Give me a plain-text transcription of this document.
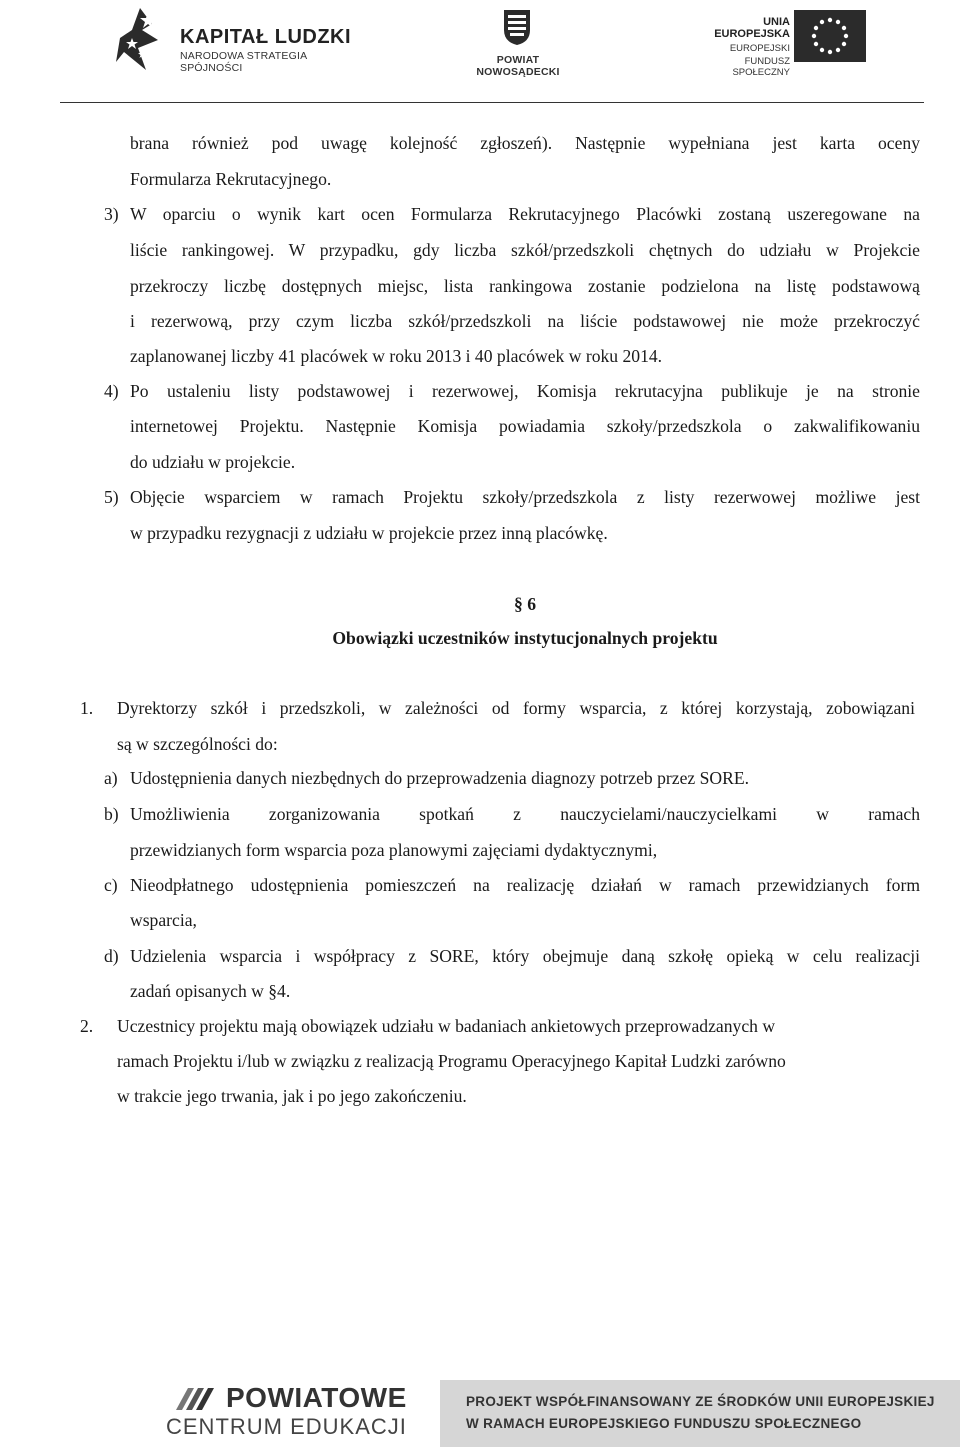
KAPITAŁ LUDZKI
NARODOWA STRATEGIA SPÓJNOŚCI
POWIAT NOWOSĄDECKI
UNIA EUROPEJSKA
EUROPEJSKI
FUNDUSZ SPOŁECZNY
brana również pod uwagę kolejność zgłoszeń). Następnie wypełniana jest karta oceny
Formularza Rekrutacyjnego.
3) W oparciu o wynik kart ocen Formularza Rekrutacyjnego Placówki zostaną uszeregowane na
liście rankingowej. W przypadku, gdy liczba szkół/przedszkoli chętnych do udziału w Projekcie
przekroczy liczbę dostępnych miejsc, lista rankingowa zostanie podzielona na listę podstawową
i rezerwową, przy czym liczba szkół/przedszkoli na liście podstawowej nie może przekroczyć
zaplanowanej liczby 41 placówek w roku 2013 i 40 placówek w roku 2014.
4) Po ustaleniu listy podstawowej i rezerwowej, Komisja rekrutacyjna publikuje je na stronie
internetowej Projektu. Następnie Komisja powiadamia szkoły/przedszkola o zakwalifikowaniu
do udziału w projekcie.
5) Objęcie wsparciem w ramach Projektu szkoły/przedszkola z listy rezerwowej możliwe jest
w przypadku rezygnacji z udziału w projekcie przez inną placówkę.
§ 6
Obowiązki uczestników instytucjonalnych projektu
1. Dyrektorzy szkół i przedszkoli, w zależności od formy wsparcia, z której korzystają, zobowiązani
są w szczególności do:
a) Udostępnienia danych niezbędnych do przeprowadzenia diagnozy potrzeb przez SORE.
b) Umożliwienia zorganizowania spotkań z nauczycielami/nauczycielkami w ramach
przewidzianych form wsparcia poza planowymi zajęciami dydaktycznymi,
c) Nieodpłatnego udostępnienia pomieszczeń na realizację działań w ramach przewidzianych form
wsparcia,
d) Udzielenia wsparcia i współpracy z SORE, który obejmuje daną szkołę opieką w celu realizacji
zadań opisanych w §4.
2. Uczestnicy projektu mają obowiązek udziału w badaniach ankietowych przeprowadzanych w
ramach Projektu i/lub w związku z realizacją Programu Operacyjnego Kapitał Ludzki zarówno
w trakcie jego trwania, jak i po jego zakończeniu.
POWIATOWE
CENTRUM EDUKACJI
PROJEKT WSPÓŁFINANSOWANY ZE ŚRODKÓW UNII EUROPEJSKIEJ
W RAMACH EUROPEJSKIEGO FUNDUSZU SPOŁECZNEGO
